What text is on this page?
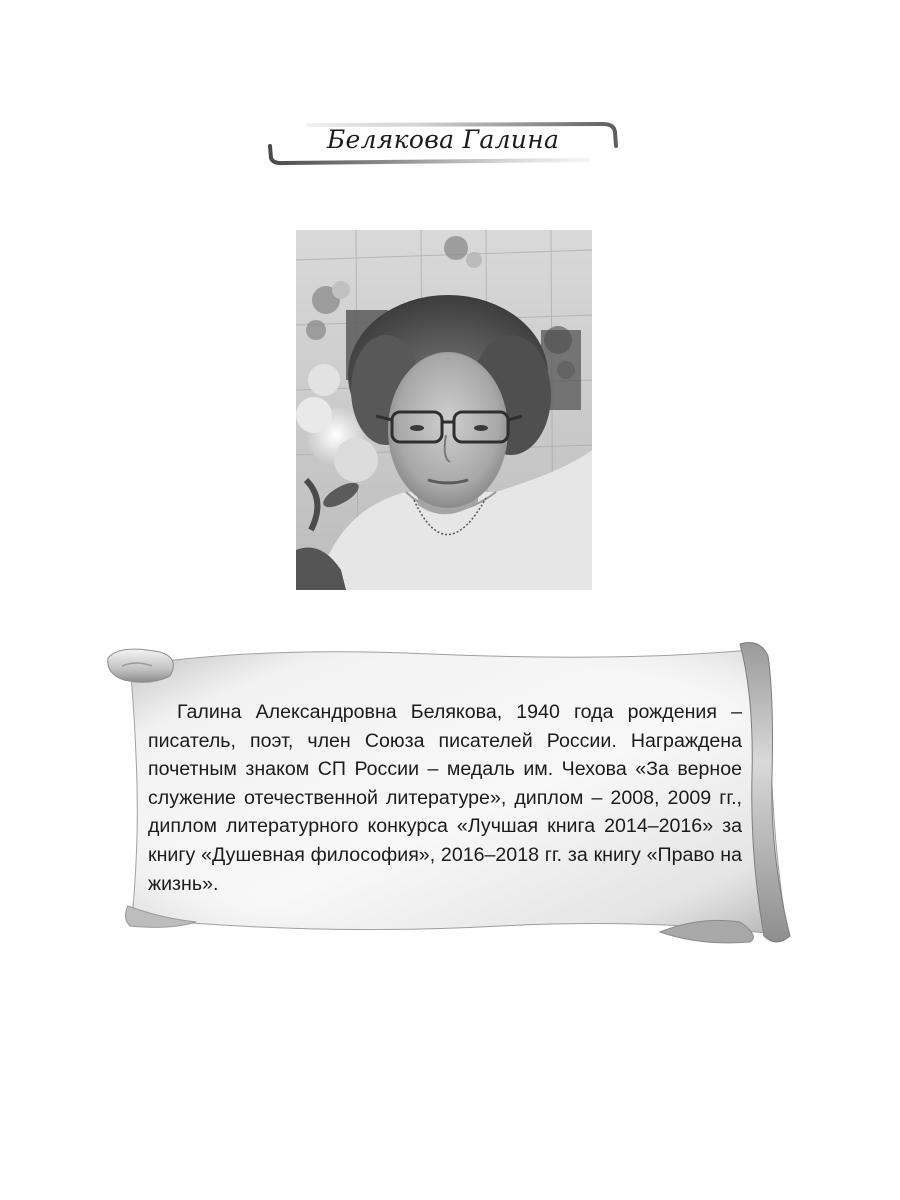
Белякова Галина

Галина Александровна Белякова, 1940 года рождения – писатель, поэт, член Союза писателей России. Награждена почетным знаком СП России – медаль им. Чехова «За верное служение отечественной литературе», диплом – 2008, 2009 гг., диплом литературного конкурса «Лучшая книга 2014–2016» за книгу «Душевная философия», 2016–2018 гг. за книгу «Право на жизнь».
